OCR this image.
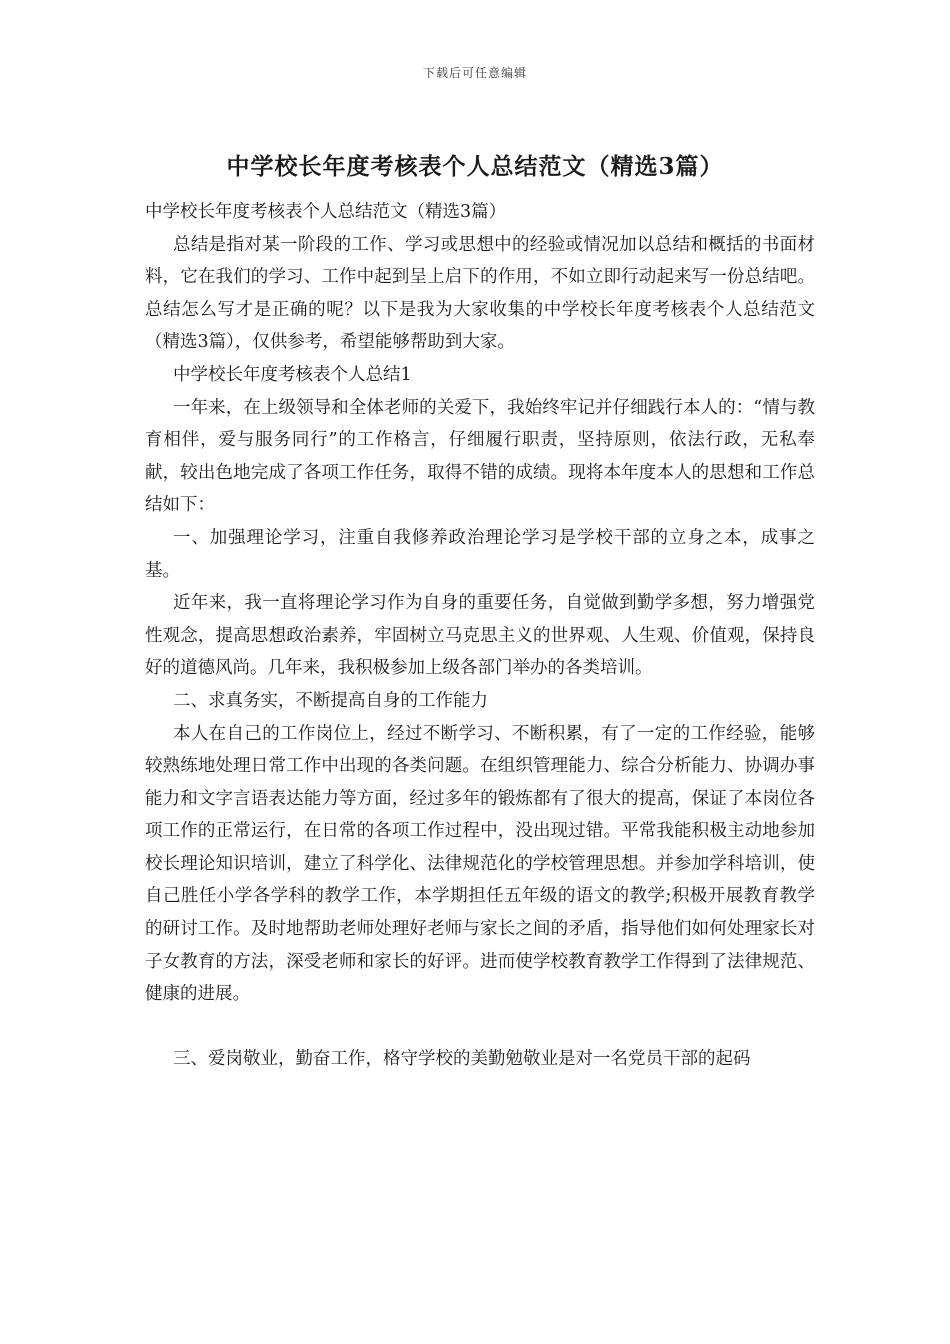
下载后可任意编辑
中学校长年度考核表个人总结范文（精选3篇）

中学校长年度考核表个人总结范文（精选3篇）

总结是指对某一阶段的工作、学习或思想中的经验或情况加以总结和概括的书面材料，它在我们的学习、工作中起到呈上启下的作用，不如立即行动起来写一份总结吧。总结怎么写才是正确的呢？以下是我为大家收集的中学校长年度考核表个人总结范文（精选3篇），仅供参考，希望能够帮助到大家。

中学校长年度考核表个人总结1

一年来，在上级领导和全体老师的关爱下，我始终牢记并仔细践行本人的：“情与教育相伴，爱与服务同行”的工作格言，仔细履行职责，坚持原则，依法行政，无私奉献，较出色地完成了各项工作任务，取得不错的成绩。现将本年度本人的思想和工作总结如下：

一、加强理论学习，注重自我修养政治理论学习是学校干部的立身之本，成事之基。

近年来，我一直将理论学习作为自身的重要任务，自觉做到勤学多想，努力增强党性观念，提高思想政治素养，牢固树立马克思主义的世界观、人生观、价值观，保持良好的道德风尚。几年来，我积极参加上级各部门举办的各类培训。

二、求真务实，不断提高自身的工作能力

本人在自己的工作岗位上，经过不断学习、不断积累，有了一定的工作经验，能够较熟练地处理日常工作中出现的各类问题。在组织管理能力、综合分析能力、协调办事能力和文字言语表达能力等方面，经过多年的锻炼都有了很大的提高，保证了本岗位各项工作的正常运行，在日常的各项工作过程中，没出现过错。平常我能积极主动地参加校长理论知识培训，建立了科学化、法律规范化的学校管理思想。并参加学科培训，使自己胜任小学各学科的教学工作，本学期担任五年级的语文的教学;积极开展教育教学的研讨工作。及时地帮助老师处理好老师与家长之间的矛盾，指导他们如何处理家长对子女教育的方法，深受老师和家长的好评。进而使学校教育教学工作得到了法律规范、健康的进展。

三、爱岗敬业，勤奋工作，格守学校的美勤勉敬业是对一名党员干部的起码
